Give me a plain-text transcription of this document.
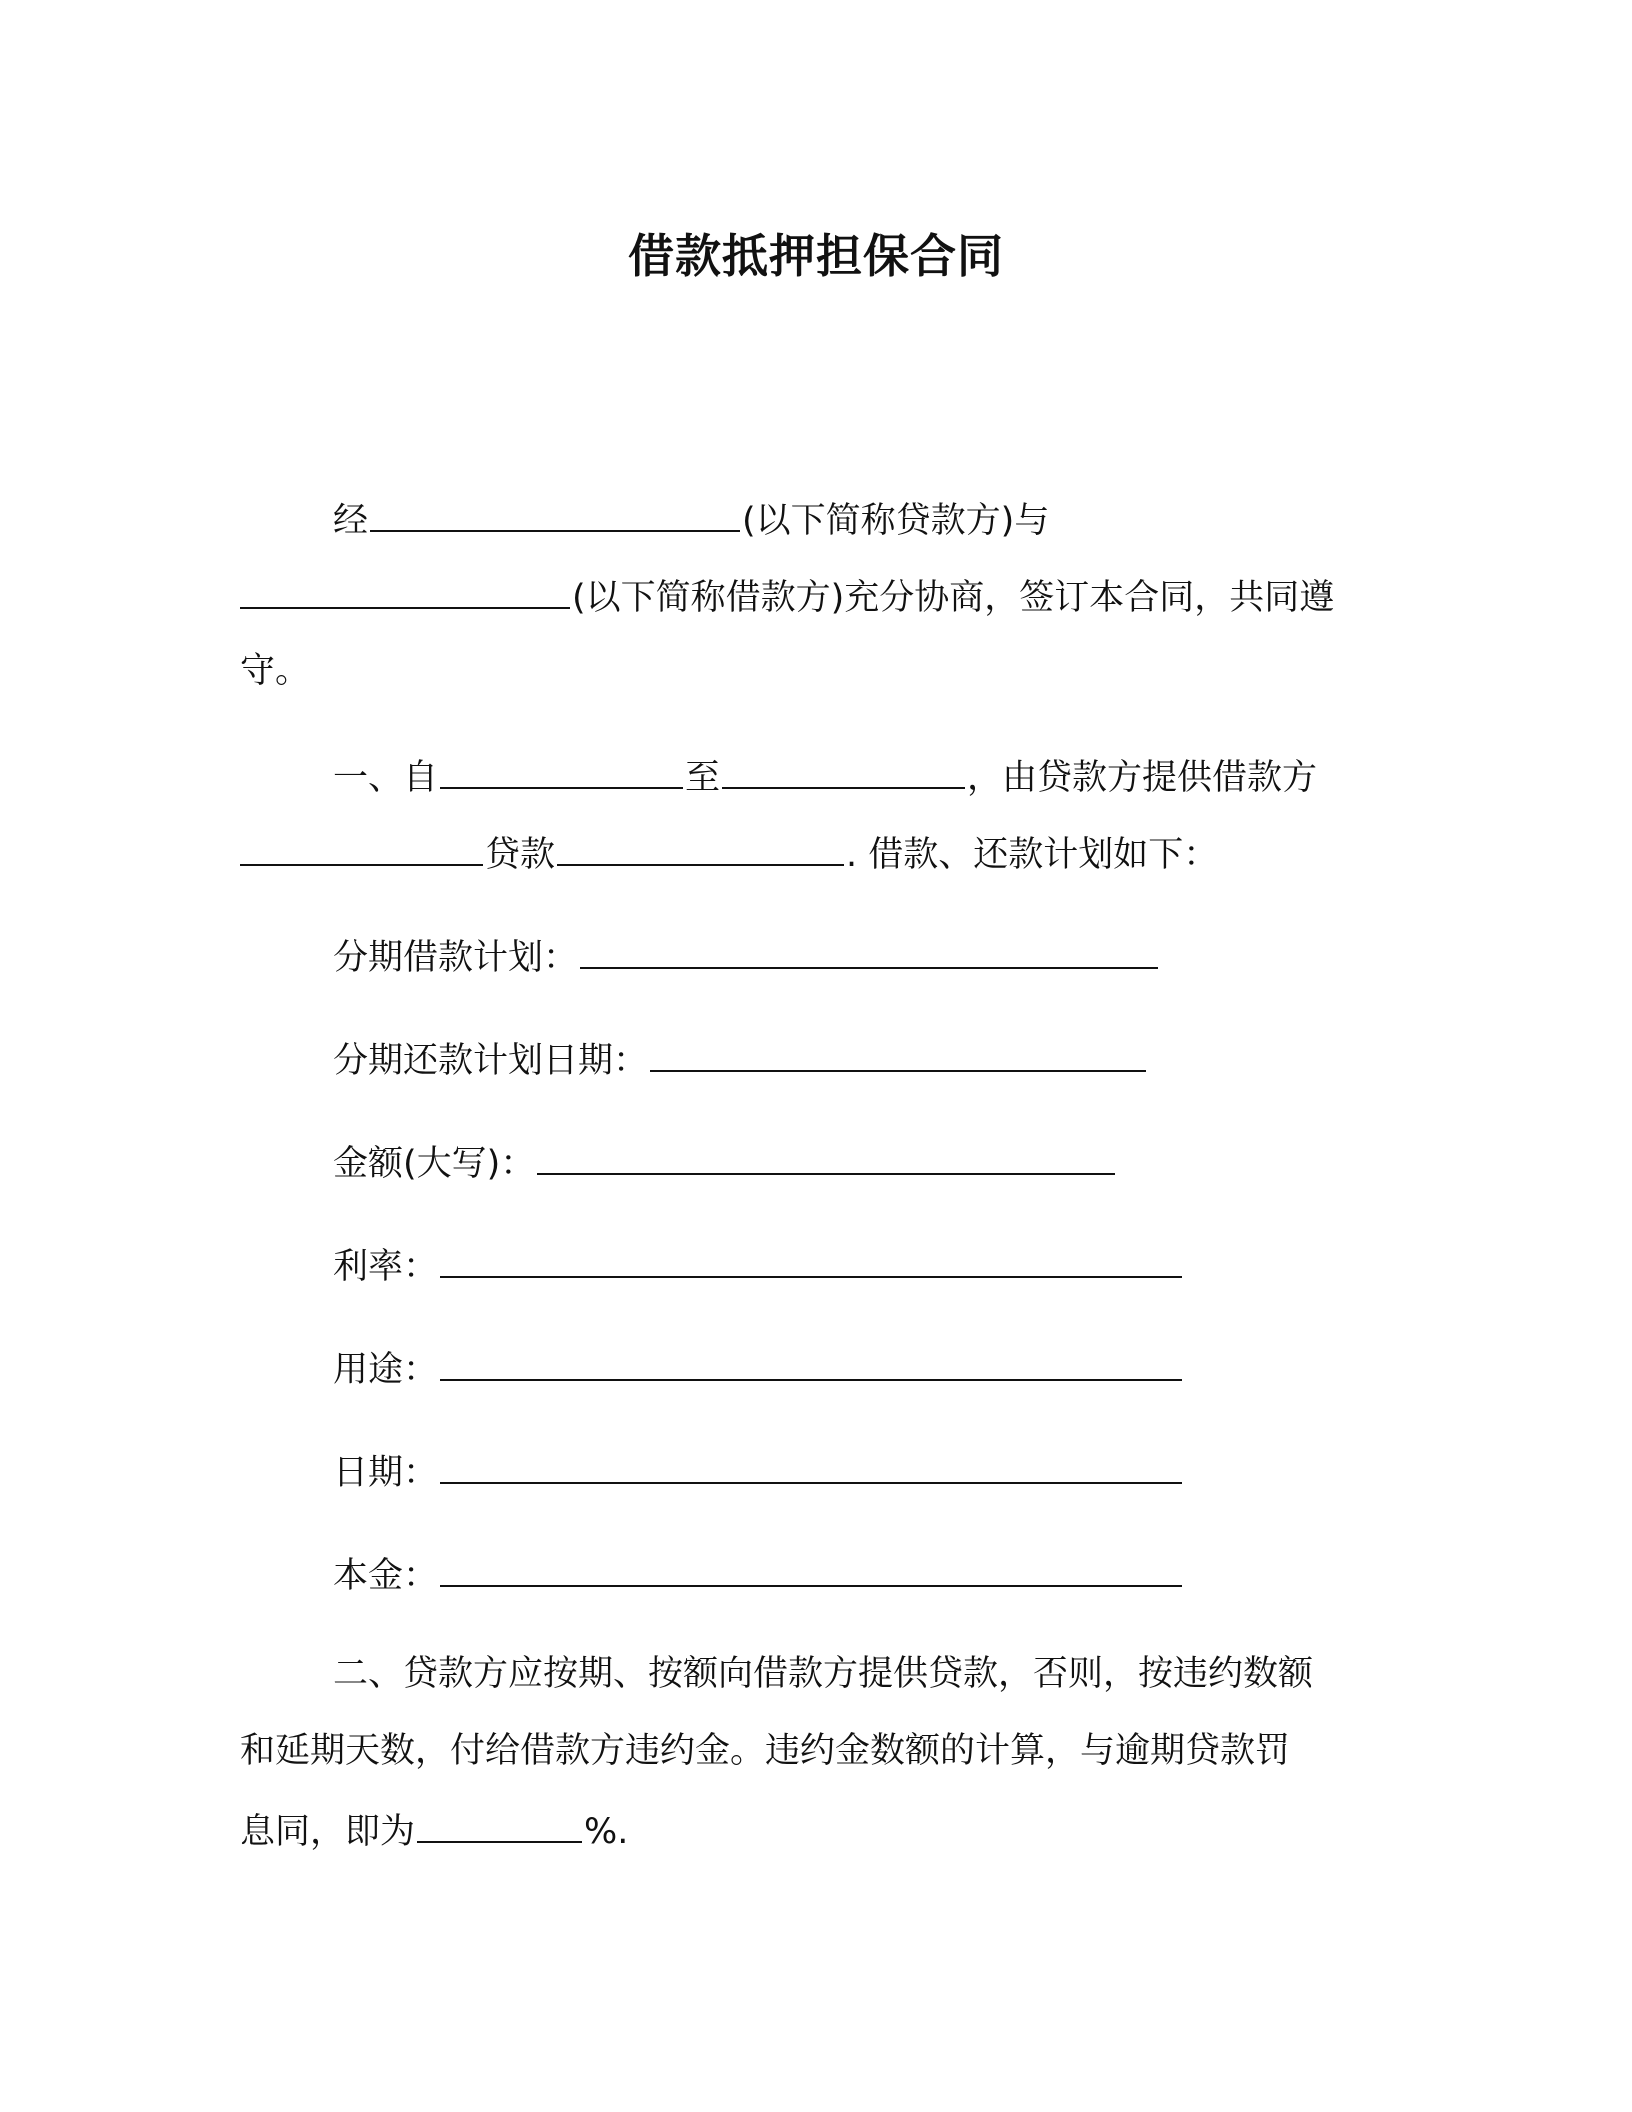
借款抵押担保合同
经	(以下简称贷款方)与
(以下简称借款方)充分协商，签订本合同，共同遵
守。
一、自	至	，由贷款方提供借款方
贷款	. 借款、还款计划如下：
分期借款计划：
分期还款计划日期：
金额(大写)：
利率：
用途：
日期：
本金：
二、贷款方应按期、按额向借款方提供贷款，否则，按违约数额
和延期天数，付给借款方违约金。违约金数额的计算，与逾期贷款罚
息同，即为	%.
